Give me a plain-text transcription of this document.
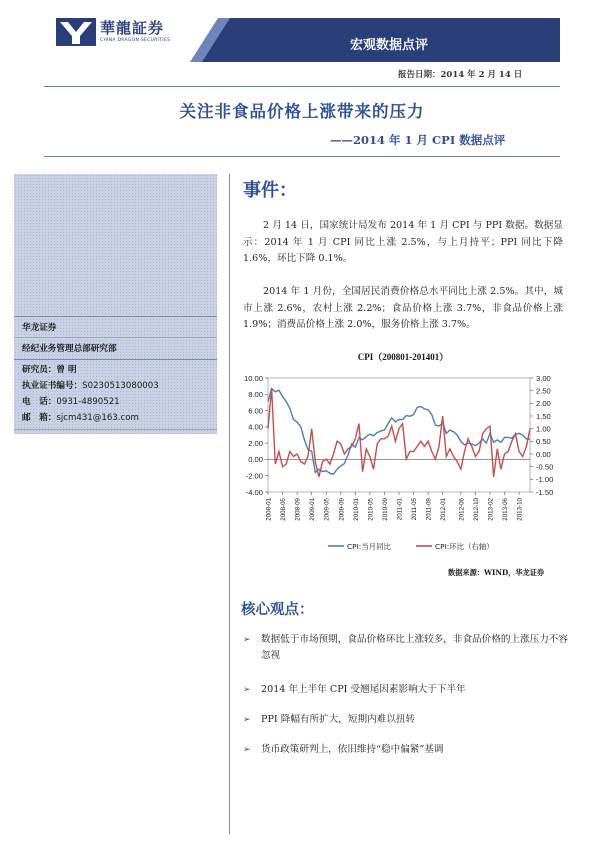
華龍証券
CHINA DRAGON SECURITIES	宏观数据点评
报告日期：2014 年 2 月 14 日
关注非食品价格上涨带来的压力
——2014 年 1 月 CPI 数据点评
华龙证券
经纪业务管理总部研究部
研究员：曾 明
执业证书编号：S0230513080003
电　话：0931-4890521
邮　箱：sjcm431@163.com
事件：
2 月 14 日，国家统计局发布 2014 年 1 月 CPI 与 PPI 数据。数据显示：2014 年 1 月 CPI 同比上涨 2.5%，与上月持平；PPI 同比下降 1.6%，环比下降 0.1%。
2014 年 1 月份，全国居民消费价格总水平同比上涨 2.5%。其中，城市上涨 2.6%，农村上涨 2.2%；食品价格上涨 3.7%，非食品价格上涨 1.9%；消费品价格上涨 2.0%，服务价格上涨 3.7%。
CPI（200801-201401）
10.00
8.00
6.00
4.00
2.00
0.00
-2.00
-4.00
3.00
2.50
2.00
1.50
1.00
0.50
0.00
-0.50
-1.00
-1.50
2008-01 2008-05 2008-09 2009-01 2009-05 2009-09 2010-01 2010-05 2010-09 2011-01 2011-05 2011-09 2012-01 2012-06 2012-10 2013-02 2013-06 2013-10
CPI:当月同比	CPI:环比（右轴）
数据来源：WIND，华龙证券
核心观点：
➢ 数据低于市场预期，食品价格环比上涨较多，非食品价格的上涨压力不容忽视
➢ 2014 年上半年 CPI 受翘尾因素影响大于下半年
➢ PPI 降幅有所扩大，短期内难以扭转
➢ 货币政策研判上，依旧维持“稳中偏紧”基调
